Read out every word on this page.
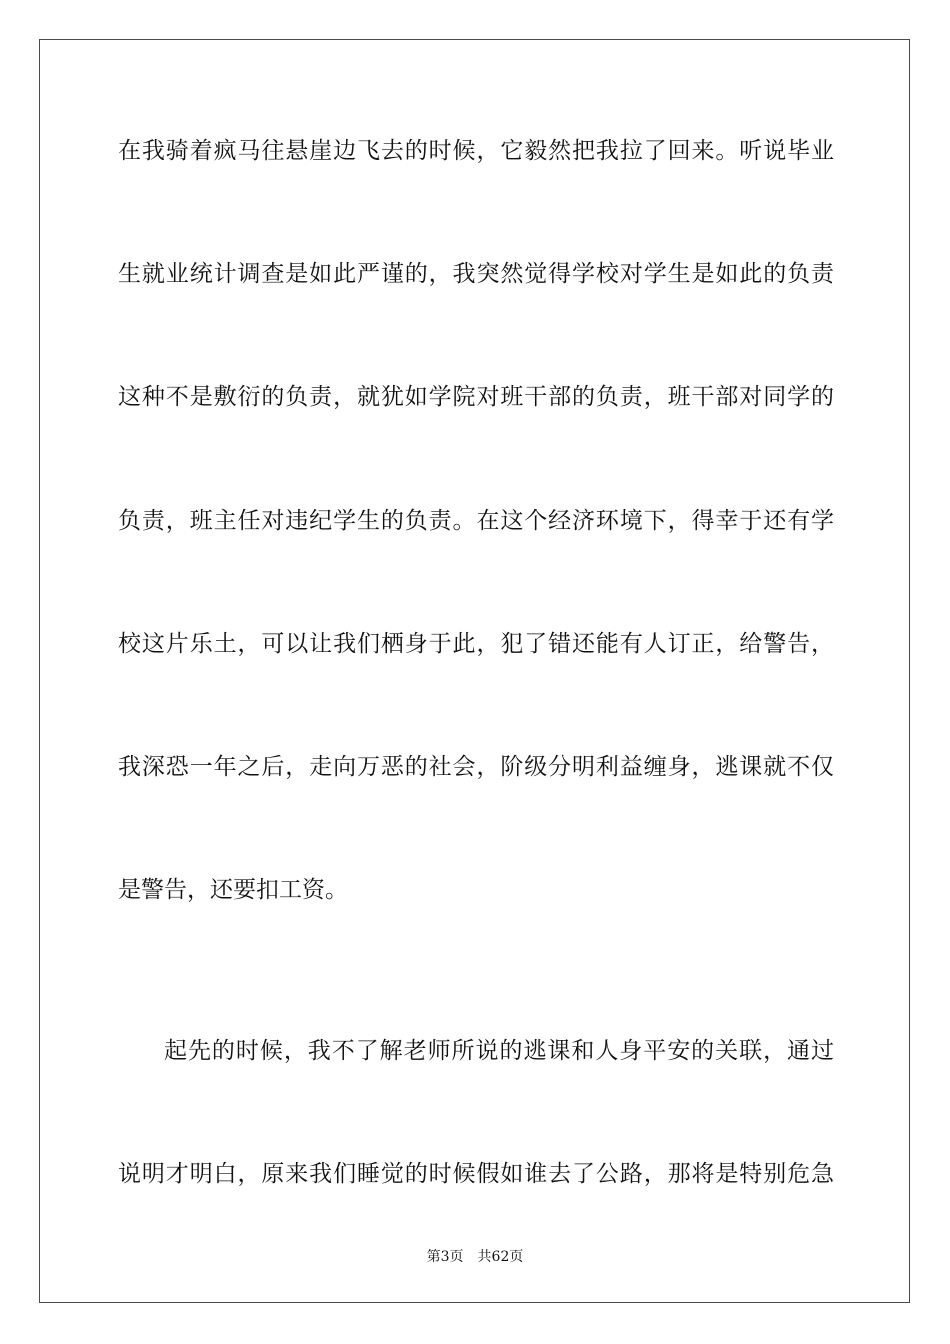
在我骑着疯马往悬崖边飞去的时候，它毅然把我拉了回来。听说毕业
生就业统计调查是如此严谨的，我突然觉得学校对学生是如此的负责
这种不是敷衍的负责，就犹如学院对班干部的负责，班干部对同学的
负责，班主任对违纪学生的负责。在这个经济环境下，得幸于还有学
校这片乐土，可以让我们栖身于此，犯了错还能有人订正，给警告，
我深恐一年之后，走向万恶的社会，阶级分明利益缠身，逃课就不仅
是警告，还要扣工资。
起先的时候，我不了解老师所说的逃课和人身平安的关联，通过
说明才明白，原来我们睡觉的时候假如谁去了公路，那将是特别危急
第3页 共62页
